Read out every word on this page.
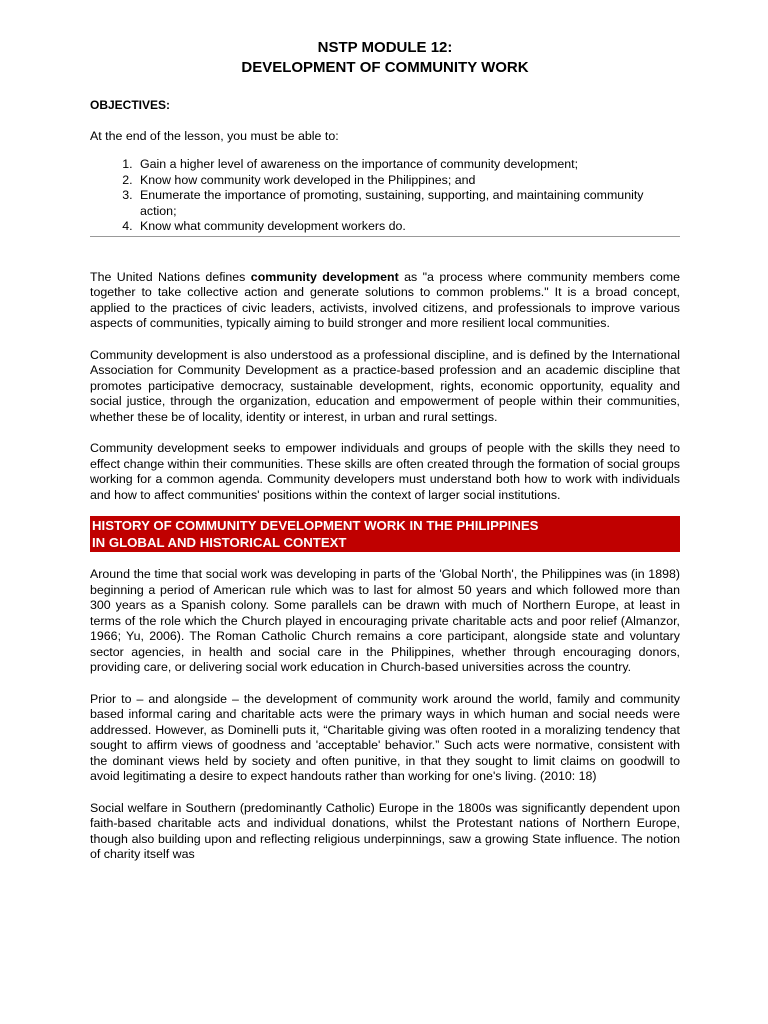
NSTP MODULE 12:
DEVELOPMENT OF COMMUNITY WORK
OBJECTIVES:
At the end of the lesson, you must be able to:
1. Gain a higher level of awareness on the importance of community development;
2. Know how community work developed in the Philippines; and
3. Enumerate the importance of promoting, sustaining, supporting, and maintaining community action;
4. Know what community development workers do.

The United Nations defines community development as "a process where community members come together to take collective action and generate solutions to common problems." It is a broad concept, applied to the practices of civic leaders, activists, involved citizens, and professionals to improve various aspects of communities, typically aiming to build stronger and more resilient local communities.

Community development is also understood as a professional discipline, and is defined by the International Association for Community Development as a practice-based profession and an academic discipline that promotes participative democracy, sustainable development, rights, economic opportunity, equality and social justice, through the organization, education and empowerment of people within their communities, whether these be of locality, identity or interest, in urban and rural settings.

Community development seeks to empower individuals and groups of people with the skills they need to effect change within their communities. These skills are often created through the formation of social groups working for a common agenda. Community developers must understand both how to work with individuals and how to affect communities' positions within the context of larger social institutions.

HISTORY OF COMMUNITY DEVELOPMENT WORK IN THE PHILIPPINES
IN GLOBAL AND HISTORICAL CONTEXT

Around the time that social work was developing in parts of the 'Global North', the Philippines was (in 1898) beginning a period of American rule which was to last for almost 50 years and which followed more than 300 years as a Spanish colony. Some parallels can be drawn with much of Northern Europe, at least in terms of the role which the Church played in encouraging private charitable acts and poor relief (Almanzor, 1966; Yu, 2006). The Roman Catholic Church remains a core participant, alongside state and voluntary sector agencies, in health and social care in the Philippines, whether through encouraging donors, providing care, or delivering social work education in Church-based universities across the country.

Prior to – and alongside – the development of community work around the world, family and community based informal caring and charitable acts were the primary ways in which human and social needs were addressed. However, as Dominelli puts it, “Charitable giving was often rooted in a moralizing tendency that sought to affirm views of goodness and 'acceptable' behavior.” Such acts were normative, consistent with the dominant views held by society and often punitive, in that they sought to limit claims on goodwill to avoid legitimating a desire to expect handouts rather than working for one's living. (2010: 18)

Social welfare in Southern (predominantly Catholic) Europe in the 1800s was significantly dependent upon faith-based charitable acts and individual donations, whilst the Protestant nations of Northern Europe, though also building upon and reflecting religious underpinnings, saw a growing State influence. The notion of charity itself was
